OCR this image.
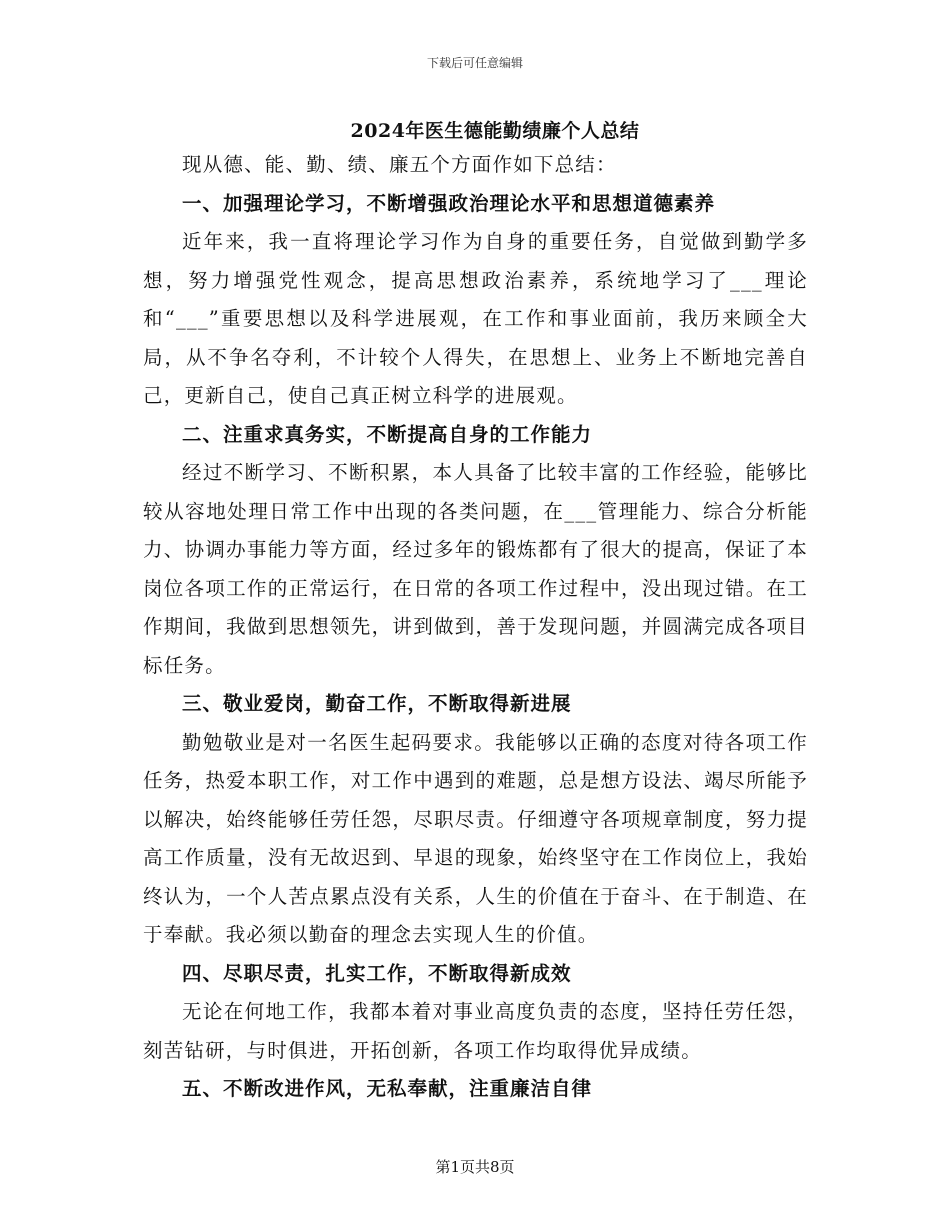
下载后可任意编辑
2024年医生德能勤绩廉个人总结

现从德、能、勤、绩、廉五个方面作如下总结：

一、加强理论学习，不断增强政治理论水平和思想道德素养

近年来，我一直将理论学习作为自身的重要任务，自觉做到勤学多想，努力增强党性观念，提高思想政治素养，系统地学习了___理论和“___”重要思想以及科学进展观，在工作和事业面前，我历来顾全大局，从不争名夺利，不计较个人得失，在思想上、业务上不断地完善自己，更新自己，使自己真正树立科学的进展观。

二、注重求真务实，不断提高自身的工作能力

经过不断学习、不断积累，本人具备了比较丰富的工作经验，能够比较从容地处理日常工作中出现的各类问题，在___管理能力、综合分析能力、协调办事能力等方面，经过多年的锻炼都有了很大的提高，保证了本岗位各项工作的正常运行，在日常的各项工作过程中，没出现过错。在工作期间，我做到思想领先，讲到做到，善于发现问题，并圆满完成各项目标任务。

三、敬业爱岗，勤奋工作，不断取得新进展

勤勉敬业是对一名医生起码要求。我能够以正确的态度对待各项工作任务，热爱本职工作，对工作中遇到的难题，总是想方设法、竭尽所能予以解决，始终能够任劳任怨，尽职尽责。仔细遵守各项规章制度，努力提高工作质量，没有无故迟到、早退的现象，始终坚守在工作岗位上，我始终认为，一个人苦点累点没有关系，人生的价值在于奋斗、在于制造、在于奉献。我必须以勤奋的理念去实现人生的价值。

四、尽职尽责，扎实工作，不断取得新成效

无论在何地工作，我都本着对事业高度负责的态度，坚持任劳任怨，刻苦钻研，与时俱进，开拓创新，各项工作均取得优异成绩。

五、不断改进作风，无私奉献，注重廉洁自律

第1页共8页
